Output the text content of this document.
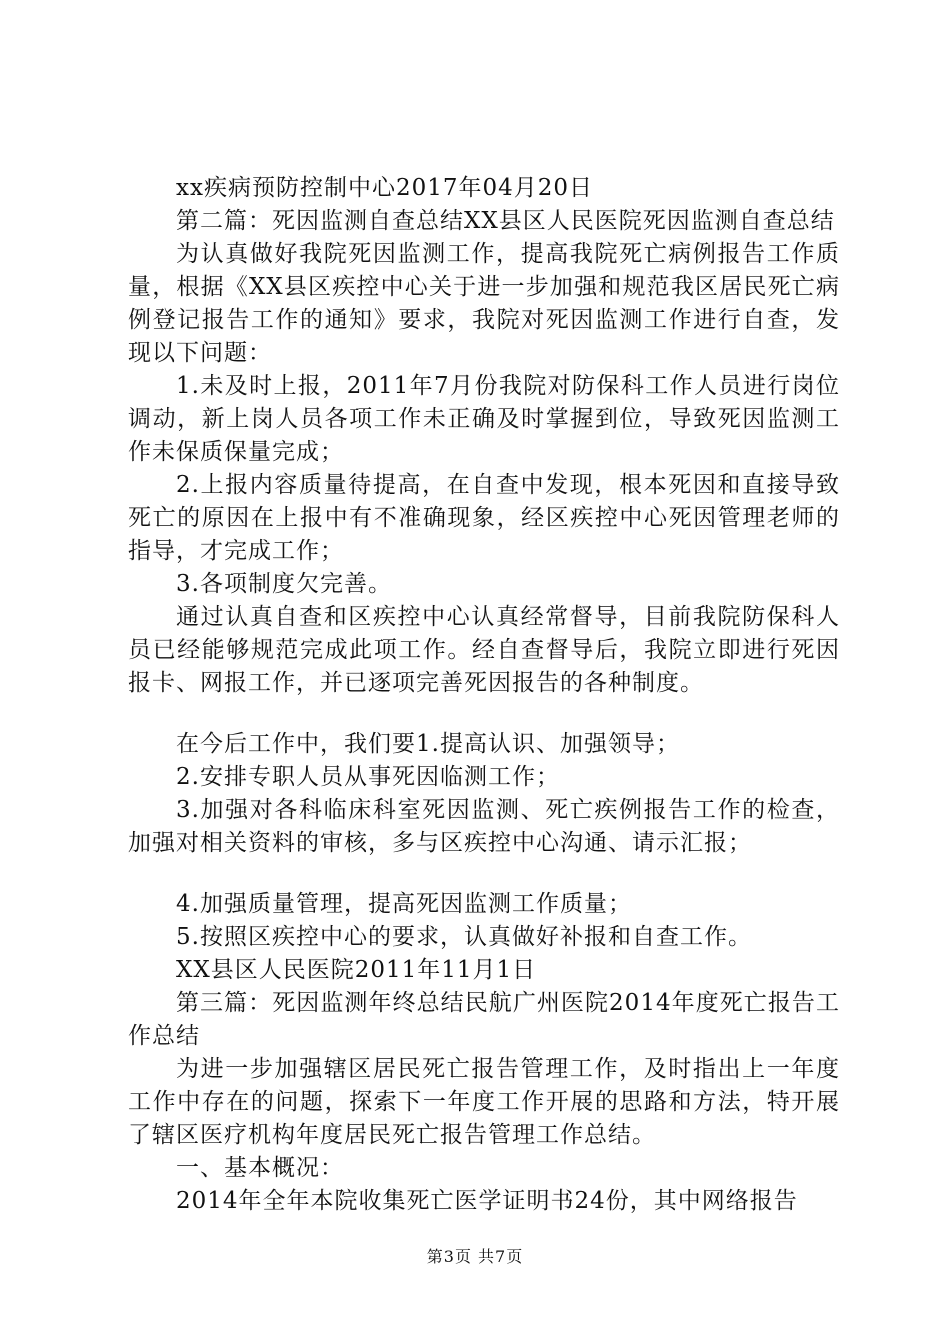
xx疾病预防控制中心2017年04月20日

第二篇：死因监测自查总结XX县区人民医院死因监测自查总结

为认真做好我院死因监测工作，提高我院死亡病例报告工作质量，根据《XX县区疾控中心关于进一步加强和规范我区居民死亡病例登记报告工作的通知》要求，我院对死因监测工作进行自查，发现以下问题：

1.未及时上报，2011年7月份我院对防保科工作人员进行岗位调动，新上岗人员各项工作未正确及时掌握到位，导致死因监测工作未保质保量完成；

2.上报内容质量待提高，在自查中发现，根本死因和直接导致死亡的原因在上报中有不准确现象，经区疾控中心死因管理老师的指导，才完成工作；

3.各项制度欠完善。

通过认真自查和区疾控中心认真经常督导，目前我院防保科人员已经能够规范完成此项工作。经自查督导后，我院立即进行死因报卡、网报工作，并已逐项完善死因报告的各种制度。

在今后工作中，我们要1.提高认识、加强领导；

2.安排专职人员从事死因临测工作；

3.加强对各科临床科室死因监测、死亡疾例报告工作的检查，加强对相关资料的审核，多与区疾控中心沟通、请示汇报；

4.加强质量管理，提高死因监测工作质量；

5.按照区疾控中心的要求，认真做好补报和自查工作。

XX县区人民医院2011年11月1日

第三篇：死因监测年终总结民航广州医院2014年度死亡报告工作总结

为进一步加强辖区居民死亡报告管理工作，及时指出上一年度工作中存在的问题，探索下一年度工作开展的思路和方法，特开展了辖区医疗机构年度居民死亡报告管理工作总结。

一、基本概况：

2014年全年本院收集死亡医学证明书24份，其中网络报告

第3页 共7页
